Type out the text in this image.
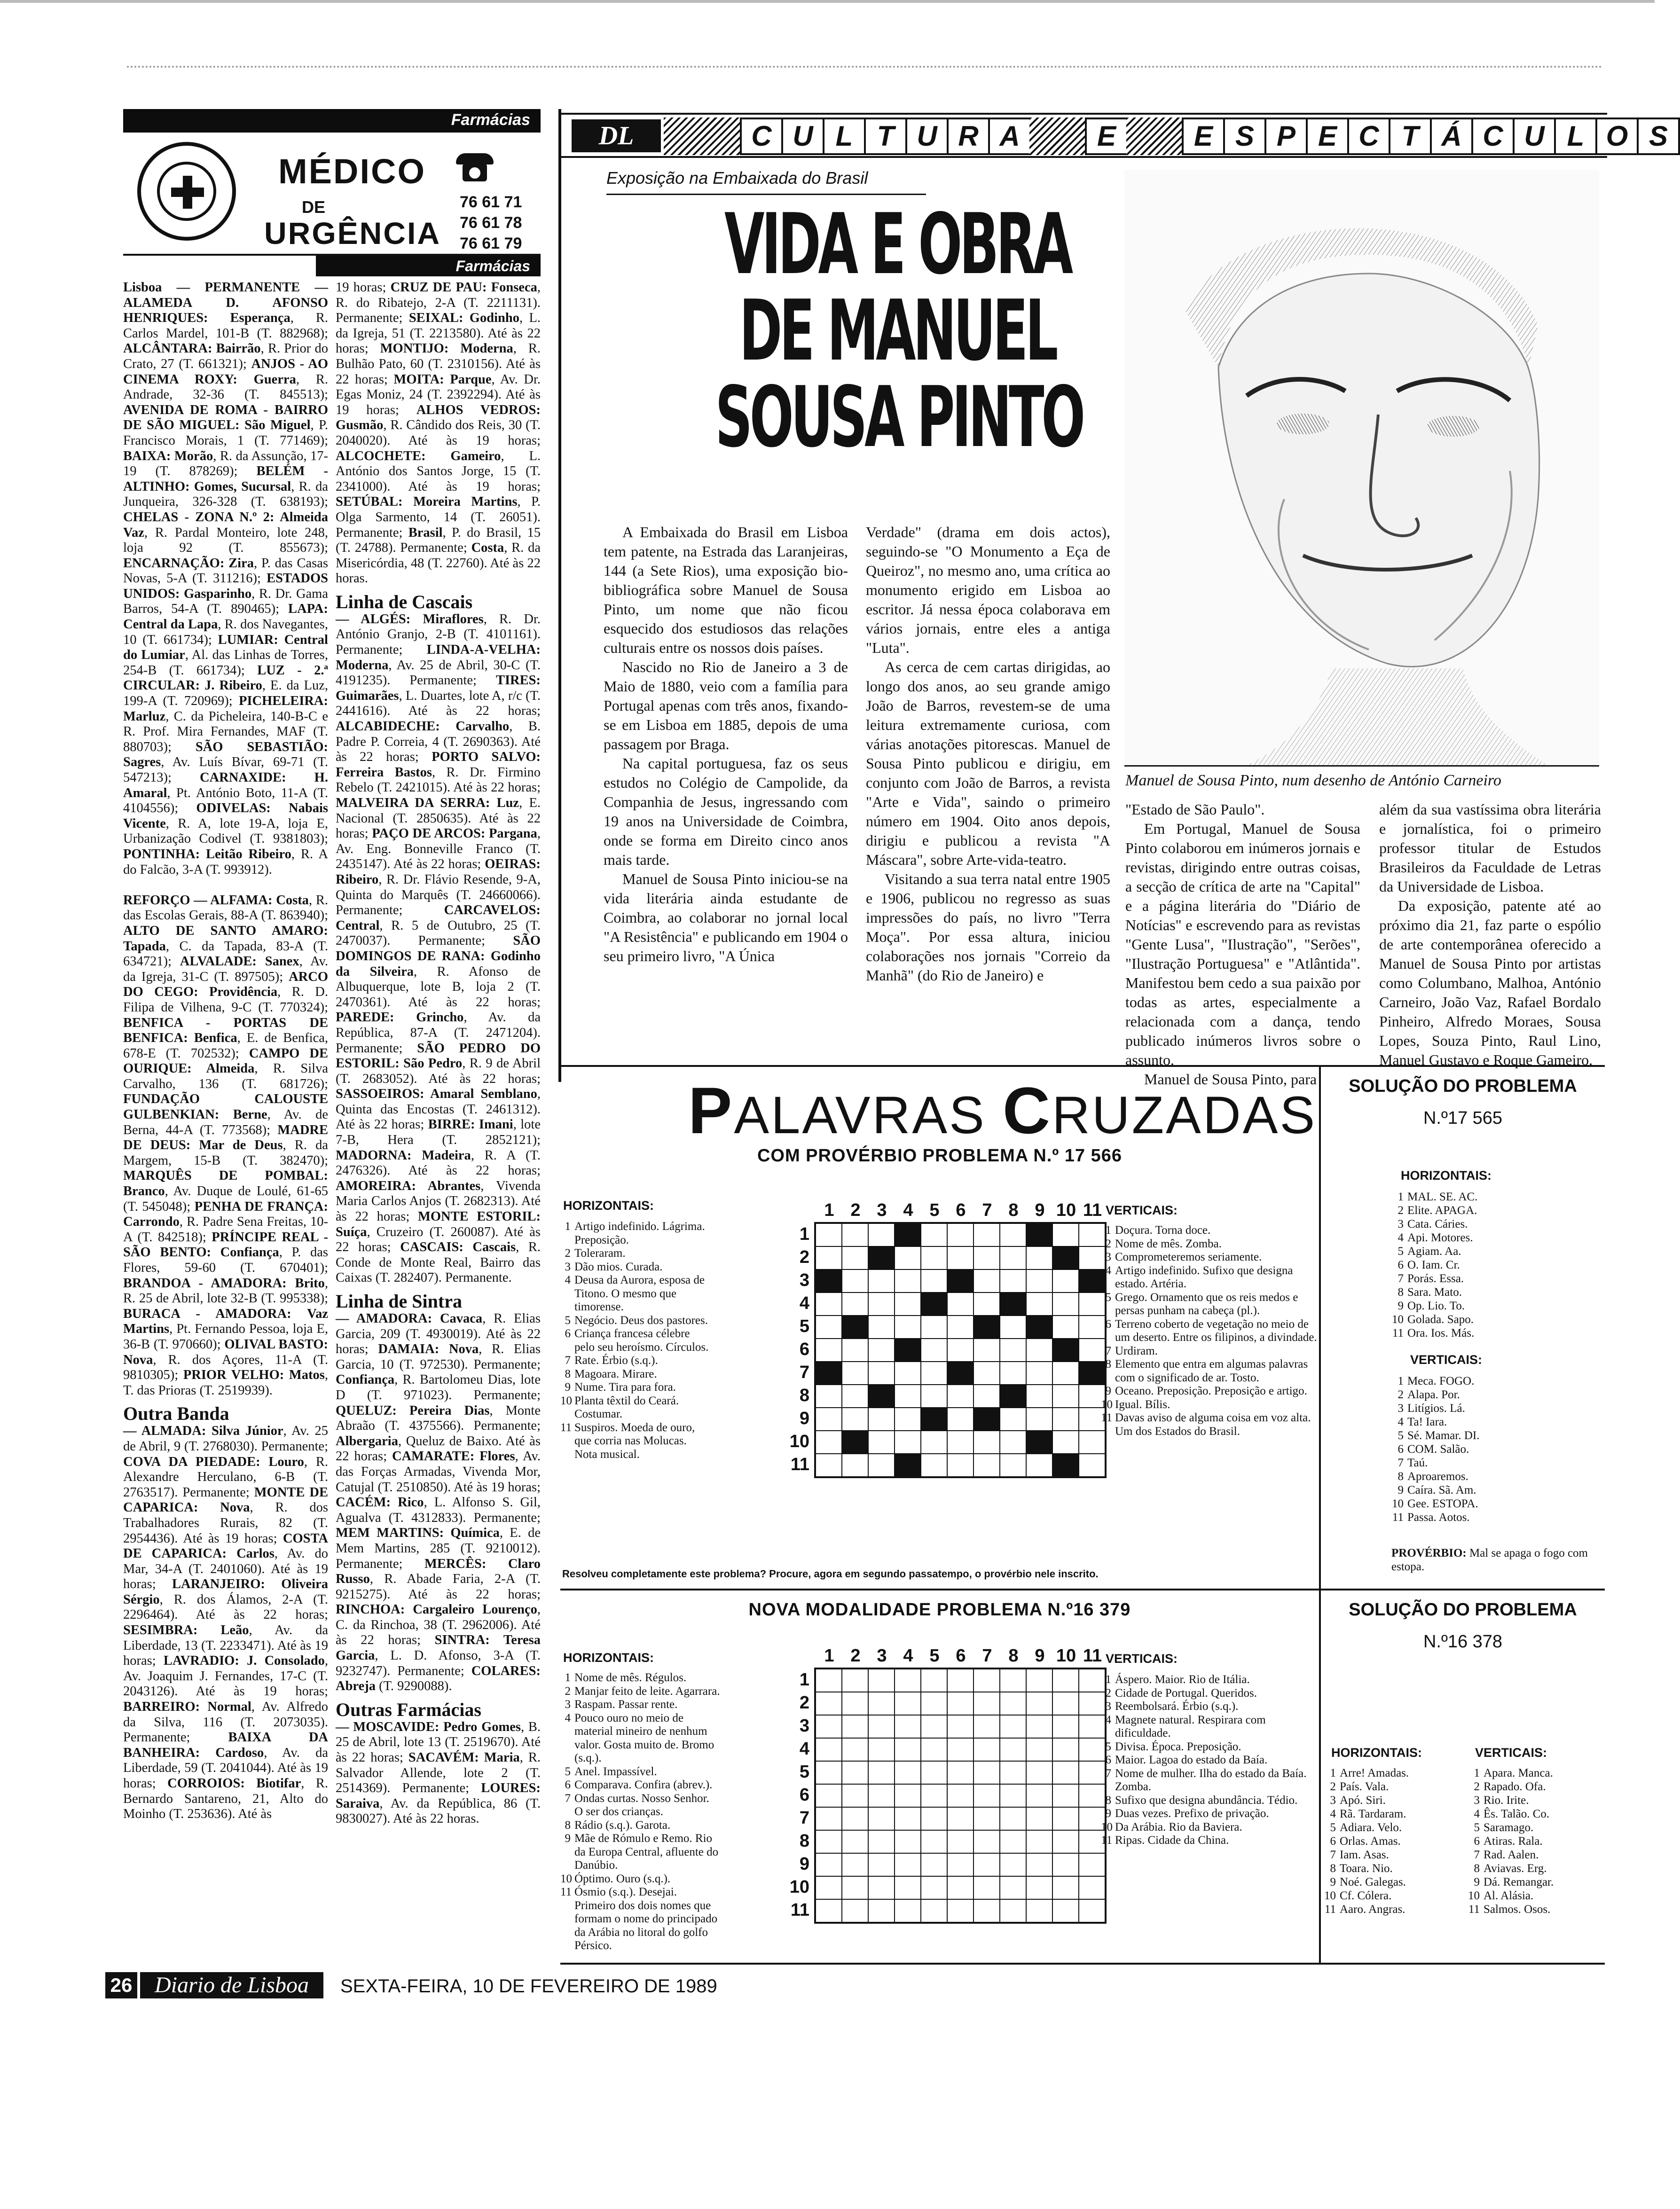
Farmácias
MÉDICO
DE
URGÊNCIA
76 61 71
76 61 78
76 61 79
Farmácias
Lisboa — PERMANENTE — ALAMEDA D. AFONSO HENRIQUES: Esperança, R. Carlos Mardel, 101-B (T. 882968); ALCÂNTARA: Bairrão, R. Prior do Crato, 27 (T. 661321); ANJOS - AO CINEMA ROXY: Guerra, R. Andrade, 32-36 (T. 845513); AVENIDA DE ROMA - BAIRRO DE SÃO MIGUEL: São Miguel, P. Francisco Morais, 1 (T. 771469); BAIXA: Morão, R. da Assunção, 17-19 (T. 878269); BELÉM - ALTINHO: Gomes, Sucursal, R. da Junqueira, 326-328 (T. 638193); CHELAS - ZONA N.º 2: Almeida Vaz, R. Pardal Monteiro, lote 248, loja 92 (T. 855673); ENCARNAÇÃO: Zira, P. das Casas Novas, 5-A (T. 311216); ESTADOS UNIDOS: Gasparinho, R. Dr. Gama Barros, 54-A (T. 890465); LAPA: Central da Lapa, R. dos Navegantes, 10 (T. 661734); LUMIAR: Central do Lumiar, Al. das Linhas de Torres, 254-B (T. 661734); LUZ - 2.ª CIRCULAR: J. Ribeiro, E. da Luz, 199-A (T. 720969); PICHELEIRA: Marluz, C. da Picheleira, 140-B-C e R. Prof. Mira Fernandes, MAF (T. 880703); SÃO SEBASTIÃO: Sagres, Av. Luís Bívar, 69-71 (T. 547213); CARNAXIDE: H. Amaral, Pt. António Boto, 11-A (T. 4104556); ODIVELAS: Nabais Vicente, R. A, lote 19-A, loja E, Urbanização Codivel (T. 9381803); PONTINHA: Leitão Ribeiro, R. A do Falcão, 3-A (T. 993912).

REFORÇO — ALFAMA: Costa, R. das Escolas Gerais, 88-A (T. 863940); ALTO DE SANTO AMARO: Tapada, C. da Tapada, 83-A (T. 634721); ALVALADE: Sanex, Av. da Igreja, 31-C (T. 897505); ARCO DO CEGO: Providência, R. D. Filipa de Vilhena, 9-C (T. 770324); BENFICA - PORTAS DE BENFICA: Benfica, E. de Benfica, 678-E (T. 702532); CAMPO DE OURIQUE: Almeida, R. Silva Carvalho, 136 (T. 681726); FUNDAÇÃO CALOUSTE GULBENKIAN: Berne, Av. de Berna, 44-A (T. 773568); MADRE DE DEUS: Mar de Deus, R. da Margem, 15-B (T. 382470); MARQUÊS DE POMBAL: Branco, Av. Duque de Loulé, 61-65 (T. 545048); PENHA DE FRANÇA: Carrondo, R. Padre Sena Freitas, 10-A (T. 842518); PRÍNCIPE REAL - SÃO BENTO: Confiança, P. das Flores, 59-60 (T. 670401); BRANDOA - AMADORA: Brito, R. 25 de Abril, lote 32-B (T. 995338); BURACA - AMADORA: Vaz Martins, Pt. Fernando Pessoa, loja E, 36-B (T. 970660); OLIVAL BASTO: Nova, R. dos Açores, 11-A (T. 9810305); PRIOR VELHO: Matos, T. das Prioras (T. 2519939).

Outra Banda
— ALMADA: Silva Júnior, Av. 25 de Abril, 9 (T. 2768030). Permanente; COVA DA PIEDADE: Louro, R. Alexandre Herculano, 6-B (T. 2763517). Permanente; MONTE DE CAPARICA: Nova, R. dos Trabalhadores Rurais, 82 (T. 2954436). Até às 19 horas; COSTA DE CAPARICA: Carlos, Av. do Mar, 34-A (T. 2401060). Até às 19 horas; LARANJEIRO: Oliveira Sérgio, R. dos Álamos, 2-A (T. 2296464). Até às 22 horas; SESIMBRA: Leão, Av. da Liberdade, 13 (T. 2233471). Até às 19 horas; LAVRADIO: J. Consolado, Av. Joaquim J. Fernandes, 17-C (T. 2043126). Até às 19 horas; BARREIRO: Normal, Av. Alfredo da Silva, 116 (T. 2073035). Permanente; BAIXA DA BANHEIRA: Cardoso, Av. da Liberdade, 59 (T. 2041044). Até às 19 horas; CORROIOS: Biotifar, R. Bernardo Santareno, 21, Alto do Moinho (T. 253636). Até às
19 horas; CRUZ DE PAU: Fonseca, R. do Ribatejo, 2-A (T. 2211131). Permanente; SEIXAL: Godinho, L. da Igreja, 51 (T. 2213580). Até às 22 horas; MONTIJO: Moderna, R. Bulhão Pato, 60 (T. 2310156). Até às 22 horas; MOITA: Parque, Av. Dr. Egas Moniz, 24 (T. 2392294). Até às 19 horas; ALHOS VEDROS: Gusmão, R. Cândido dos Reis, 30 (T. 2040020). Até às 19 horas; ALCOCHETE: Gameiro, L. António dos Santos Jorge, 15 (T. 2341000). Até às 19 horas; SETÚBAL: Moreira Martins, P. Olga Sarmento, 14 (T. 26051). Permanente; Brasil, P. do Brasil, 15 (T. 24788). Permanente; Costa, R. da Misericórdia, 48 (T. 22760). Até às 22 horas.

Linha de Cascais
— ALGÉS: Miraflores, R. Dr. António Granjo, 2-B (T. 4101161). Permanente; LINDA-A-VELHA: Moderna, Av. 25 de Abril, 30-C (T. 4191235). Permanente; TIRES: Guimarães, L. Duartes, lote A, r/c (T. 2441616). Até às 22 horas; ALCABIDECHE: Carvalho, B. Padre P. Correia, 4 (T. 2690363). Até às 22 horas; PORTO SALVO: Ferreira Bastos, R. Dr. Firmino Rebelo (T. 2421015). Até às 22 horas; MALVEIRA DA SERRA: Luz, E. Nacional (T. 2850635). Até às 22 horas; PAÇO DE ARCOS: Pargana, Av. Eng. Bonneville Franco (T. 2435147). Até às 22 horas; OEIRAS: Ribeiro, R. Dr. Flávio Resende, 9-A, Quinta do Marquês (T. 24660066). Permanente; CARCAVELOS: Central, R. 5 de Outubro, 25 (T. 2470037). Permanente; SÃO DOMINGOS DE RANA: Godinho da Silveira, R. Afonso de Albuquerque, lote B, loja 2 (T. 2470361). Até às 22 horas; PAREDE: Grincho, Av. da República, 87-A (T. 2471204). Permanente; SÃO PEDRO DO ESTORIL: São Pedro, R. 9 de Abril (T. 2683052). Até às 22 horas; SASSOEIROS: Amaral Semblano, Quinta das Encostas (T. 2461312). Até às 22 horas; BIRRE: Imani, lote 7-B, Hera (T. 2852121); MADORNA: Madeira, R. A (T. 2476326). Até às 22 horas; AMOREIRA: Abrantes, Vivenda Maria Carlos Anjos (T. 2682313). Até às 22 horas; MONTE ESTORIL: Suíça, Cruzeiro (T. 260087). Até às 22 horas; CASCAIS: Cascais, R. Conde de Monte Real, Bairro das Caixas (T. 282407). Permanente.

Linha de Sintra
— AMADORA: Cavaca, R. Elias Garcia, 209 (T. 4930019). Até às 22 horas; DAMAIA: Nova, R. Elias Garcia, 10 (T. 972530). Permanente; Confiança, R. Bartolomeu Dias, lote D (T. 971023). Permanente; QUELUZ: Pereira Dias, Monte Abraão (T. 4375566). Permanente; Albergaria, Queluz de Baixo. Até às 22 horas; CAMARATE: Flores, Av. das Forças Armadas, Vivenda Mor, Catujal (T. 2510850). Até às 19 horas; CACÉM: Rico, L. Alfonso S. Gil, Agualva (T. 4312833). Permanente; MEM MARTINS: Química, E. de Mem Martins, 285 (T. 9210012). Permanente; MERCÊS: Claro Russo, R. Abade Faria, 2-A (T. 9215275). Até às 22 horas; RINCHOA: Cargaleiro Lourenço, C. da Rinchoa, 38 (T. 2962006). Até às 22 horas; SINTRA: Teresa Garcia, L. D. Afonso, 3-A (T. 9232747). Permanente; COLARES: Abreja (T. 9290088).

Outras Farmácias
— MOSCAVIDE: Pedro Gomes, B. 25 de Abril, lote 13 (T. 2519670). Até às 22 horas; SACAVÉM: Maria, R. Salvador Allende, lote 2 (T. 2514369). Permanente; LOURES: Saraiva, Av. da República, 86 (T. 9830027). Até às 22 horas.
26 Diario de Lisboa	SEXTA-FEIRA, 10 DE FEVEREIRO DE 1989
DL	C U L T U R A	E	E S P E C T Á C U L O S
Exposição na Embaixada do Brasil
VIDA E OBRA
DE MANUEL
SOUSA PINTO
Manuel de Sousa Pinto, num desenho de António Carneiro

A Embaixada do Brasil em Lisboa tem patente, na Estrada das Laranjeiras, 144 (a Sete Rios), uma exposição bio-bibliográfica sobre Manuel de Sousa Pinto, um nome que não ficou esquecido dos estudiosos das relações culturais entre os nossos dois países.

Nascido no Rio de Janeiro a 3 de Maio de 1880, veio com a família para Portugal apenas com três anos, fixando-se em Lisboa em 1885, depois de uma passagem por Braga.

Na capital portuguesa, faz os seus estudos no Colégio de Campolide, da Companhia de Jesus, ingressando com 19 anos na Universidade de Coimbra, onde se forma em Direito cinco anos mais tarde.

Manuel de Sousa Pinto iniciou-se na vida literária ainda estudante de Coimbra, ao colaborar no jornal local "A Resistência" e publicando em 1904 o seu primeiro livro, "A Única

Verdade" (drama em dois actos), seguindo-se "O Monumento a Eça de Queiroz", no mesmo ano, uma crítica ao monumento erigido em Lisboa ao escritor. Já nessa época colaborava em vários jornais, entre eles a antiga "Luta".

As cerca de cem cartas dirigidas, ao longo dos anos, ao seu grande amigo João de Barros, revestem-se de uma leitura extremamente curiosa, com várias anotações pitorescas. Manuel de Sousa Pinto publicou e dirigiu, em conjunto com João de Barros, a revista "Arte e Vida", saindo o primeiro número em 1904. Oito anos depois, dirigiu e publicou a revista "A Máscara", sobre Arte-vida-teatro.

Visitando a sua terra natal entre 1905 e 1906, publicou no regresso as suas impressões do país, no livro "Terra Moça". Por essa altura, iniciou colaborações nos jornais "Correio da Manhã" (do Rio de Janeiro) e

"Estado de São Paulo".

Em Portugal, Manuel de Sousa Pinto colaborou em inúmeros jornais e revistas, dirigindo entre outras coisas, a secção de crítica de arte na "Capital" e a página literária do "Diário de Notícias" e escrevendo para as revistas "Gente Lusa", "Ilustração", "Serões", "Ilustração Portuguesa" e "Atlântida". Manifestou bem cedo a sua paixão por todas as artes, especialmente a relacionada com a dança, tendo publicado inúmeros livros sobre o assunto.

Manuel de Sousa Pinto, para

além da sua vastíssima obra literária e jornalística, foi o primeiro professor titular de Estudos Brasileiros da Faculdade de Letras da Universidade de Lisboa.

Da exposição, patente até ao próximo dia 21, faz parte o espólio de arte contemporânea oferecido a Manuel de Sousa Pinto por artistas como Columbano, Malhoa, António Carneiro, João Vaz, Rafael Bordalo Pinheiro, Alfredo Moraes, Sousa Lopes, Souza Pinto, Raul Lino, Manuel Gustavo e Roque Gameiro.

PALAVRAS CRUZADAS
COM PROVÉRBIO PROBLEMA N.º 17 566
HORIZONTAIS:
1 Artigo indefinido. Lágrima. Preposição.
2 Toleraram.
3 Dão mios. Curada.
4 Deusa da Aurora, esposa de Titono. O mesmo que timorense.
5 Negócio. Deus dos pastores.
6 Criança francesa célebre pelo seu heroísmo. Círculos.
7 Rate. Érbio (s.q.).
8 Magoara. Mirare.
9 Nume. Tira para fora.
10 Planta têxtil do Ceará. Costumar.
11 Suspiros. Moeda de ouro, que corria nas Molucas. Nota musical.
1 2 3 4 5 6 7 8 9 10 11
1
2
3
4
5
6
7
8
9
10
11
VERTICAIS:
1 Doçura. Torna doce.
2 Nome de mês. Zomba.
3 Comprometeremos seriamente.
4 Artigo indefinido. Sufixo que designa estado. Artéria.
5 Grego. Ornamento que os reis medos e persas punham na cabeça (pl.).
6 Terreno coberto de vegetação no meio de um deserto. Entre os filipinos, a divindade.
7 Urdiram.
8 Elemento que entra em algumas palavras com o significado de ar. Tosto.
9 Oceano. Preposição. Preposição e artigo.
10 Igual. Bílis.
11 Davas aviso de alguma coisa em voz alta. Um dos Estados do Brasil.
Resolveu completamente este problema? Procure, agora em segundo passatempo, o provérbio nele inscrito.
SOLUÇÃO DO PROBLEMA
N.º17 565
HORIZONTAIS:
1 MAL. SE. AC.
2 Elite. APAGA.
3 Cata. Cáries.
4 Api. Motores.
5 Agiam. Aa.
6 O. Iam. Cr.
7 Porás. Essa.
8 Sara. Mato.
9 Op. Lio. To.
10 Golada. Sapo.
11 Ora. Ios. Más.
VERTICAIS:
1 Meca. FOGO.
2 Alapa. Por.
3 Litígios. Lá.
4 Ta! Iara.
5 Sé. Mamar. DI.
6 COM. Salão.
7 Taú.
8 Aproaremos.
9 Caíra. Sã. Am.
10 Gee. ESTOPA.
11 Passa. Aotos.
PROVÉRBIO: Mal se apaga o fogo com estopa.
NOVA MODALIDADE PROBLEMA N.º16 379
HORIZONTAIS:
1 Nome de mês. Régulos.
2 Manjar feito de leite. Agarrara.
3 Raspam. Passar rente.
4 Pouco ouro no meio de material mineiro de nenhum valor. Gosta muito de. Bromo (s.q.).
5 Anel. Impassível.
6 Comparava. Confira (abrev.).
7 Ondas curtas. Nosso Senhor. O ser dos crianças.
8 Rádio (s.q.). Garota.
9 Mãe de Rómulo e Remo. Rio da Europa Central, afluente do Danúbio.
10 Óptimo. Ouro (s.q.).
11 Ósmio (s.q.). Desejai. Primeiro dos dois nomes que formam o nome do principado da Arábia no litoral do golfo Pérsico.
1 2 3 4 5 6 7 8 9 10 11
1
2
3
4
5
6
7
8
9
10
11
VERTICAIS:
1 Áspero. Maior. Rio de Itália.
2 Cidade de Portugal. Queridos.
3 Reembolsará. Érbio (s.q.).
4 Magnete natural. Respirara com dificuldade.
5 Divisa. Época. Preposição.
6 Maior. Lagoa do estado da Baía.
7 Nome de mulher. Ilha do estado da Baía. Zomba.
8 Sufixo que designa abundância. Tédio.
9 Duas vezes. Prefixo de privação.
10 Da Arábia. Rio da Baviera.
11 Ripas. Cidade da China.
SOLUÇÃO DO PROBLEMA
N.º16 378
HORIZONTAIS:
1 Arre! Amadas.
2 País. Vala.
3 Apó. Siri.
4 Rã. Tardaram.
5 Adiara. Velo.
6 Orlas. Amas.
7 Iam. Asas.
8 Toara. Nio.
9 Noé. Galegas.
10 Cf. Cólera.
11 Aaro. Angras.
VERTICAIS:
1 Apara. Manca.
2 Rapado. Ofa.
3 Rio. Irite.
4 Ês. Talão. Co.
5 Saramago.
6 Atiras. Rala.
7 Rad. Aalen.
8 Aviavas. Erg.
9 Dá. Remangar.
10 Al. Alásia.
11 Salmos. Osos.
